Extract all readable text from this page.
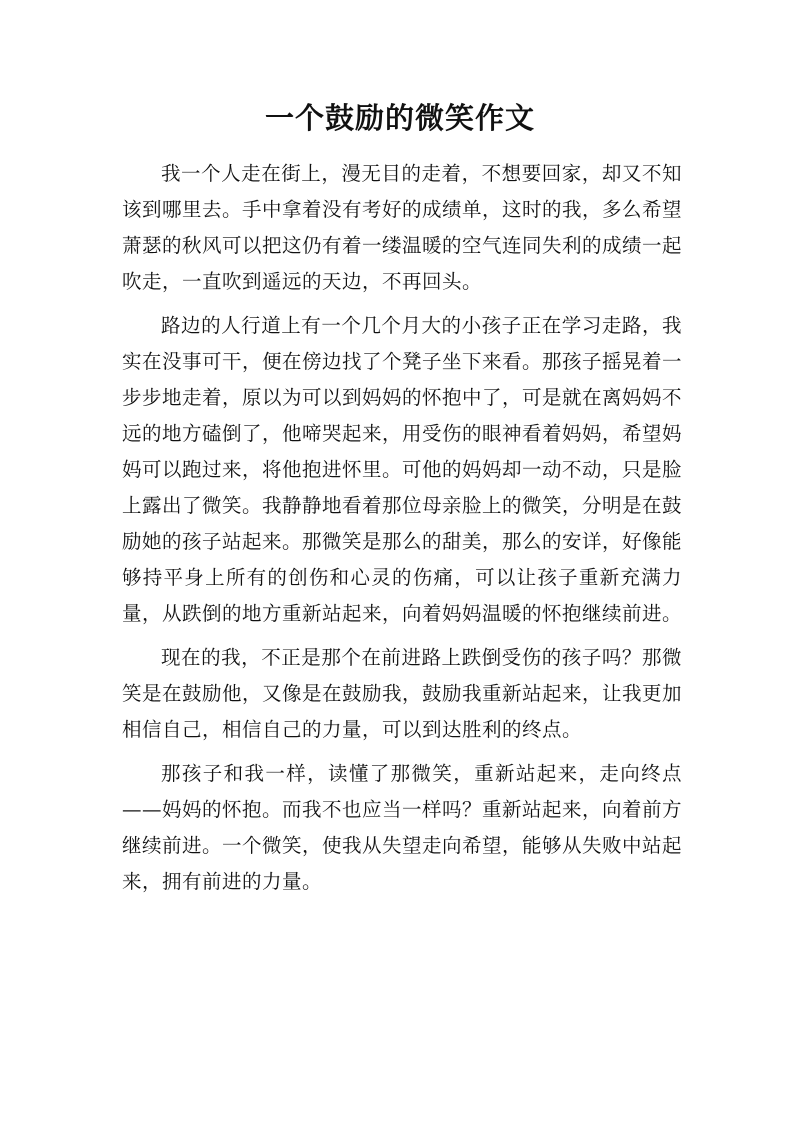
一个鼓励的微笑作文

我一个人走在街上，漫无目的走着，不想要回家，却又不知该到哪里去。手中拿着没有考好的成绩单，这时的我，多么希望萧瑟的秋风可以把这仍有着一缕温暖的空气连同失利的成绩一起吹走，一直吹到遥远的天边，不再回头。

路边的人行道上有一个几个月大的小孩子正在学习走路，我实在没事可干，便在傍边找了个凳子坐下来看。那孩子摇晃着一步步地走着，原以为可以到妈妈的怀抱中了，可是就在离妈妈不远的地方磕倒了，他啼哭起来，用受伤的眼神看着妈妈，希望妈妈可以跑过来，将他抱进怀里。可他的妈妈却一动不动，只是脸上露出了微笑。我静静地看着那位母亲脸上的微笑，分明是在鼓励她的孩子站起来。那微笑是那么的甜美，那么的安详，好像能够持平身上所有的创伤和心灵的伤痛，可以让孩子重新充满力量，从跌倒的地方重新站起来，向着妈妈温暖的怀抱继续前进。

现在的我，不正是那个在前进路上跌倒受伤的孩子吗？那微笑是在鼓励他，又像是在鼓励我，鼓励我重新站起来，让我更加相信自己，相信自己的力量，可以到达胜利的终点。

那孩子和我一样，读懂了那微笑，重新站起来，走向终点——妈妈的怀抱。而我不也应当一样吗？重新站起来，向着前方继续前进。一个微笑，使我从失望走向希望，能够从失败中站起来，拥有前进的力量。
